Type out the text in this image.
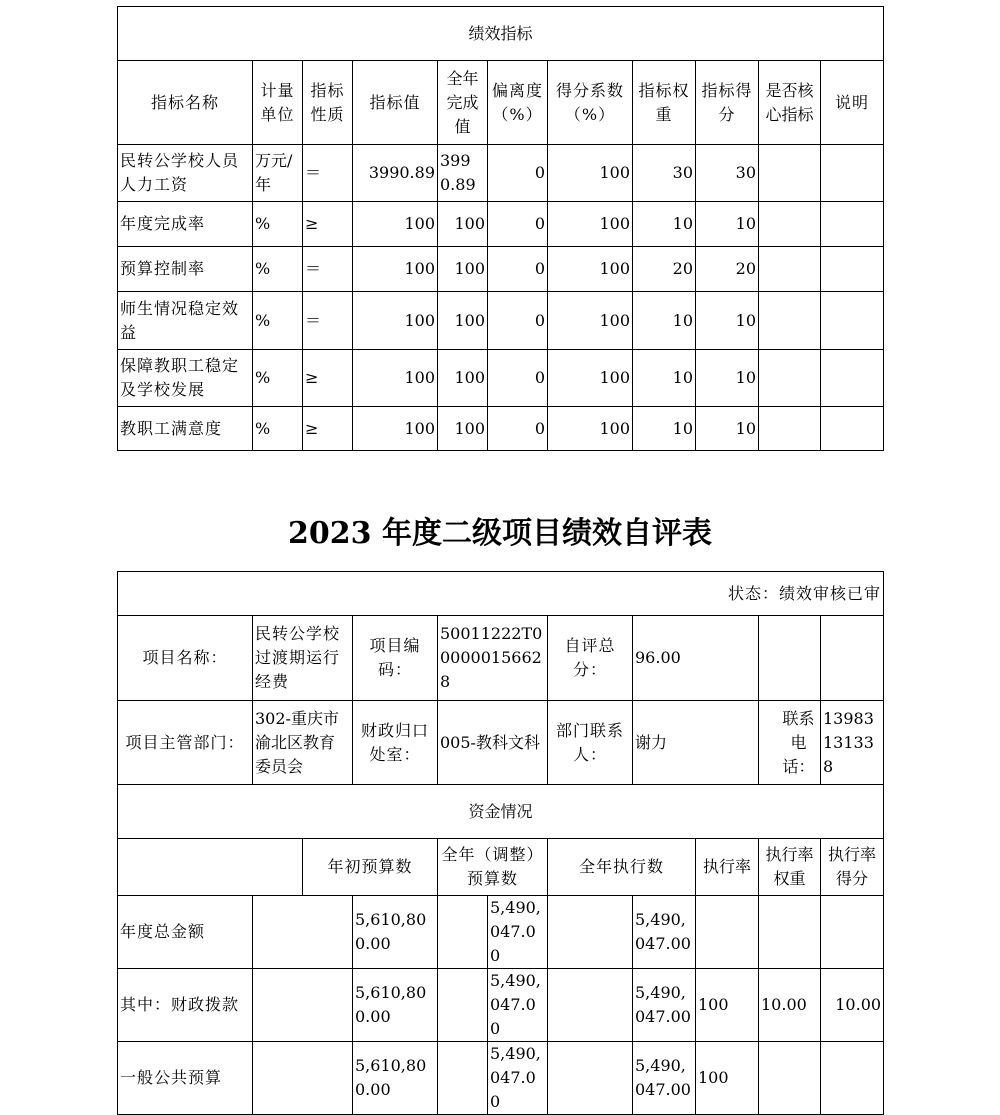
绩效指标										
指标名称	计量单位	指标性质	指标值	全年完成值	偏离度（%）	得分系数（%）	指标权重	指标得分	是否核心指标	说明
民转公学校人员人力工资	万元/年	＝	3990.89	3990.89	0	100	30	30		
年度完成率	%	≥	100	100	0	100	10	10		
预算控制率	%	＝	100	100	0	100	20	20		
师生情况稳定效益	%	＝	100	100	0	100	10	10		
保障教职工稳定及学校发展	%	≥	100	100	0	100	10	10		
教职工满意度	%	≥	100	100	0	100	10	10		
2023 年度二级项目绩效自评表
状态：绩效审核已审										
项目名称：	民转公学校过渡期运行经费		项目编码：	50011222T000000156628		自评总分：	96.00			
项目主管部门：	302-重庆市渝北区教育委员会		财政归口处室：	005-教科文科		部门联系人：	谢力		联系电话：	13983131338
资金情况										
		年初预算数		全年（调整）预算数		全年执行数		执行率	执行率权重	执行率得分
年度总金额			5,610,800.00		5,490,047.00		5,490,047.00			
其中：财政拨款			5,610,800.00		5,490,047.00		5,490,047.00	100	10.00	10.00
一般公共预算			5,610,800.00		5,490,047.00		5,490,047.00	100		
